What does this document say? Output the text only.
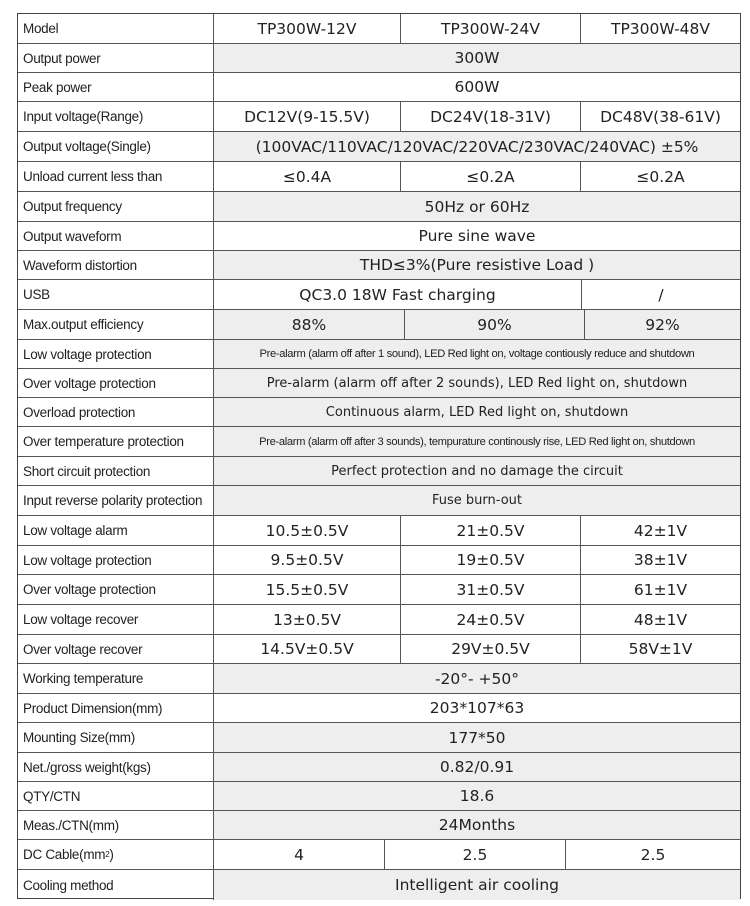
Model	TP300W-12V	TP300W-24V	TP300W-48V
Output power	300W
Peak power	600W
Input voltage(Range)	DC12V(9-15.5V)	DC24V(18-31V)	DC48V(38-61V)
Output voltage(Single)	(100VAC/110VAC/120VAC/220VAC/230VAC/240VAC) ±5%
Unload current less than	≤0.4A	≤0.2A	≤0.2A
Output frequency	50Hz or 60Hz
Output waveform	Pure sine wave
Waveform distortion	THD≤3%(Pure resistive Load )
USB	QC3.0 18W Fast charging	/
Max.output efficiency	88%	90%	92%
Low voltage protection	Pre-alarm (alarm off after 1 sound), LED Red light on, voltage contiously reduce and shutdown
Over voltage protection	Pre-alarm (alarm off after 2 sounds), LED Red light on, shutdown
Overload protection	Continuous alarm, LED Red light on, shutdown
Over temperature protection	Pre-alarm (alarm off after 3 sounds), tempurature continously rise, LED Red light on, shutdown
Short circuit protection	Perfect protection and no damage the circuit
Input reverse polarity protection	Fuse burn-out
Low voltage alarm	10.5±0.5V	21±0.5V	42±1V
Low voltage protection	9.5±0.5V	19±0.5V	38±1V
Over voltage protection	15.5±0.5V	31±0.5V	61±1V
Low voltage recover	13±0.5V	24±0.5V	48±1V
Over voltage recover	14.5V±0.5V	29V±0.5V	58V±1V
Working temperature	-20°- +50°
Product Dimension(mm)	203*107*63
Mounting Size(mm)	177*50
Net./gross weight(kgs)	0.82/0.91
QTY/CTN	18.6
Meas./CTN(mm)	24Months
DC Cable(mm 2 )	4	2.5	2.5
Cooling method	Intelligent air cooling
